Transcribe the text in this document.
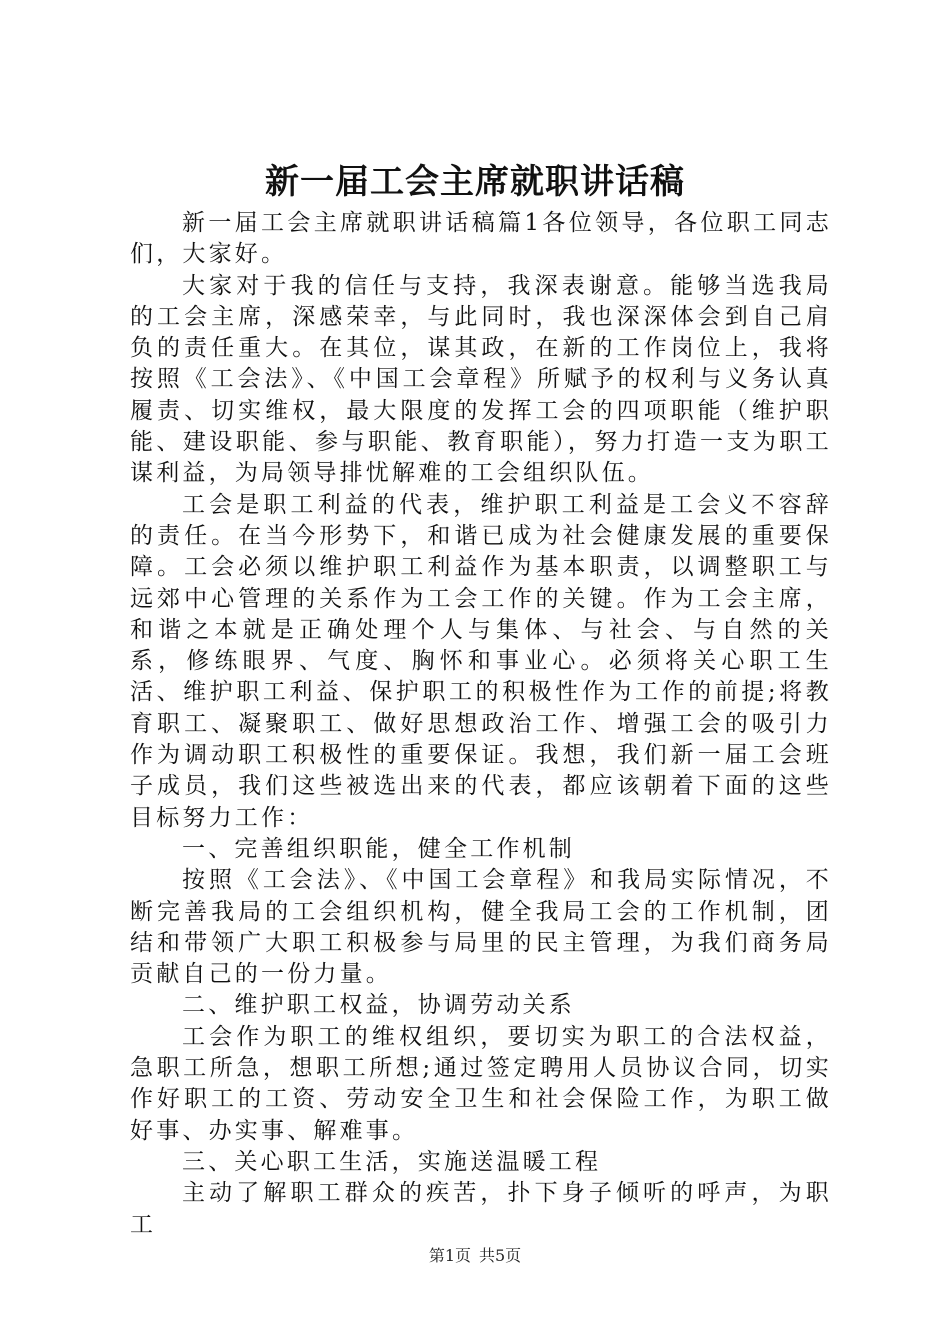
新一届工会主席就职讲话稿

新一届工会主席就职讲话稿篇1各位领导，各位职工同志们，大家好。

大家对于我的信任与支持，我深表谢意。能够当选我局的工会主席，深感荣幸，与此同时，我也深深体会到自己肩负的责任重大。在其位，谋其政，在新的工作岗位上，我将按照《工会法》、《中国工会章程》所赋予的权利与义务认真履责、切实维权，最大限度的发挥工会的四项职能（维护职能、建设职能、参与职能、教育职能），努力打造一支为职工谋利益，为局领导排忧解难的工会组织队伍。

工会是职工利益的代表，维护职工利益是工会义不容辞的责任。在当今形势下，和谐已成为社会健康发展的重要保障。工会必须以维护职工利益作为基本职责，以调整职工与远郊中心管理的关系作为工会工作的关键。作为工会主席，和谐之本就是正确处理个人与集体、与社会、与自然的关系，修练眼界、气度、胸怀和事业心。必须将关心职工生活、维护职工利益、保护职工的积极性作为工作的前提;将教育职工、凝聚职工、做好思想政治工作、增强工会的吸引力作为调动职工积极性的重要保证。我想，我们新一届工会班子成员，我们这些被选出来的代表，都应该朝着下面的这些目标努力工作：

一、完善组织职能，健全工作机制

按照《工会法》、《中国工会章程》和我局实际情况，不断完善我局的工会组织机构，健全我局工会的工作机制，团结和带领广大职工积极参与局里的民主管理，为我们商务局贡献自己的一份力量。

二、维护职工权益，协调劳动关系

工会作为职工的维权组织，要切实为职工的合法权益，急职工所急，想职工所想;通过签定聘用人员协议合同，切实作好职工的工资、劳动安全卫生和社会保险工作，为职工做好事、办实事、解难事。

三、关心职工生活，实施送温暖工程

主动了解职工群众的疾苦，扑下身子倾听的呼声，为职工

第1页 共5页
